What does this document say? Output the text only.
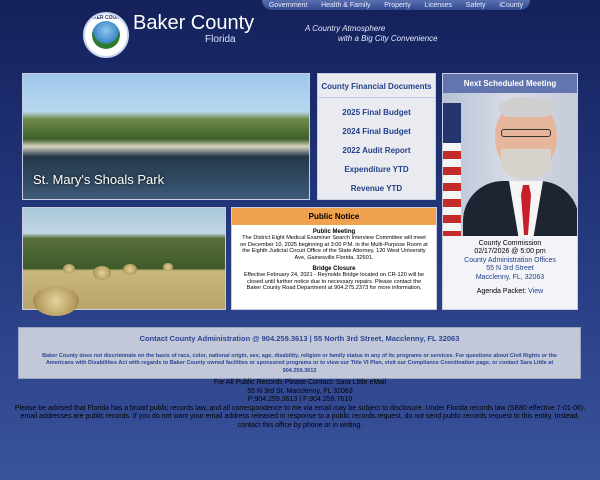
Government Health & Family Property Licenses Safety iCounty
BAKER COUNTY Baker County
Florida
A Country Atmosphere
with a Big City Convenience
St. Mary's Shoals Park
County Financial Documents
2025 Final Budget
2024 Final Budget
2022 Audit Report
Expenditure YTD
Revenue YTD
Public Notice
Public Meeting
The District Eight Medical Examiner Search Interview Committee will meet on December 10, 2025 beginning at 3:00 P.M. in the Multi-Purpose Room at the Eighth Judicial Circuit Office of the State Attorney, 120 West University Ave, Gainesville Florida, 32601.
Bridge Closure
Effective February 24, 2021 - Reynolds Bridge located on CR-120 will be closed until further notice due to necessary repairs. Please contact the Baker County Road Department at 904.275.2373 for more information.
Next Scheduled Meeting
County Commission
02/17/2026 @ 5:00 pm
County Administration Offices
55 N 3rd Street
Macclenny, FL, 32063
Agenda Packet: View
Contact County Administration @ 904.259.3613 | 55 North 3rd Street, Macclenny, FL 32063
Baker County does not discriminate on the basis of race, color, national origin, sex, age, disability, religion or family status in any of its programs or services. For questions about Civil Rights or the Americans with Disabilities Act with regards to Baker County owned facilities or sponsored programs or to view our Title VI Plan, visit our Compliance Coordination page, or contact Sara Little at 904.259.3613
For All Public Records Please Contact: Sara Little eMail
55 N 3rd St, Macclenny, FL 32063
P:904.259.3613 | F:904.259.7610
Please be advised that Florida has a broad public records law, and all correspondence to me via email may be subject to disclosure. Under Florida records law (SB80 effective 7-01-06), email addresses are public records. If you do not want your email address released in response to a public records request, do not send public records request to this entity. Instead, contact this office by phone or in writing.
